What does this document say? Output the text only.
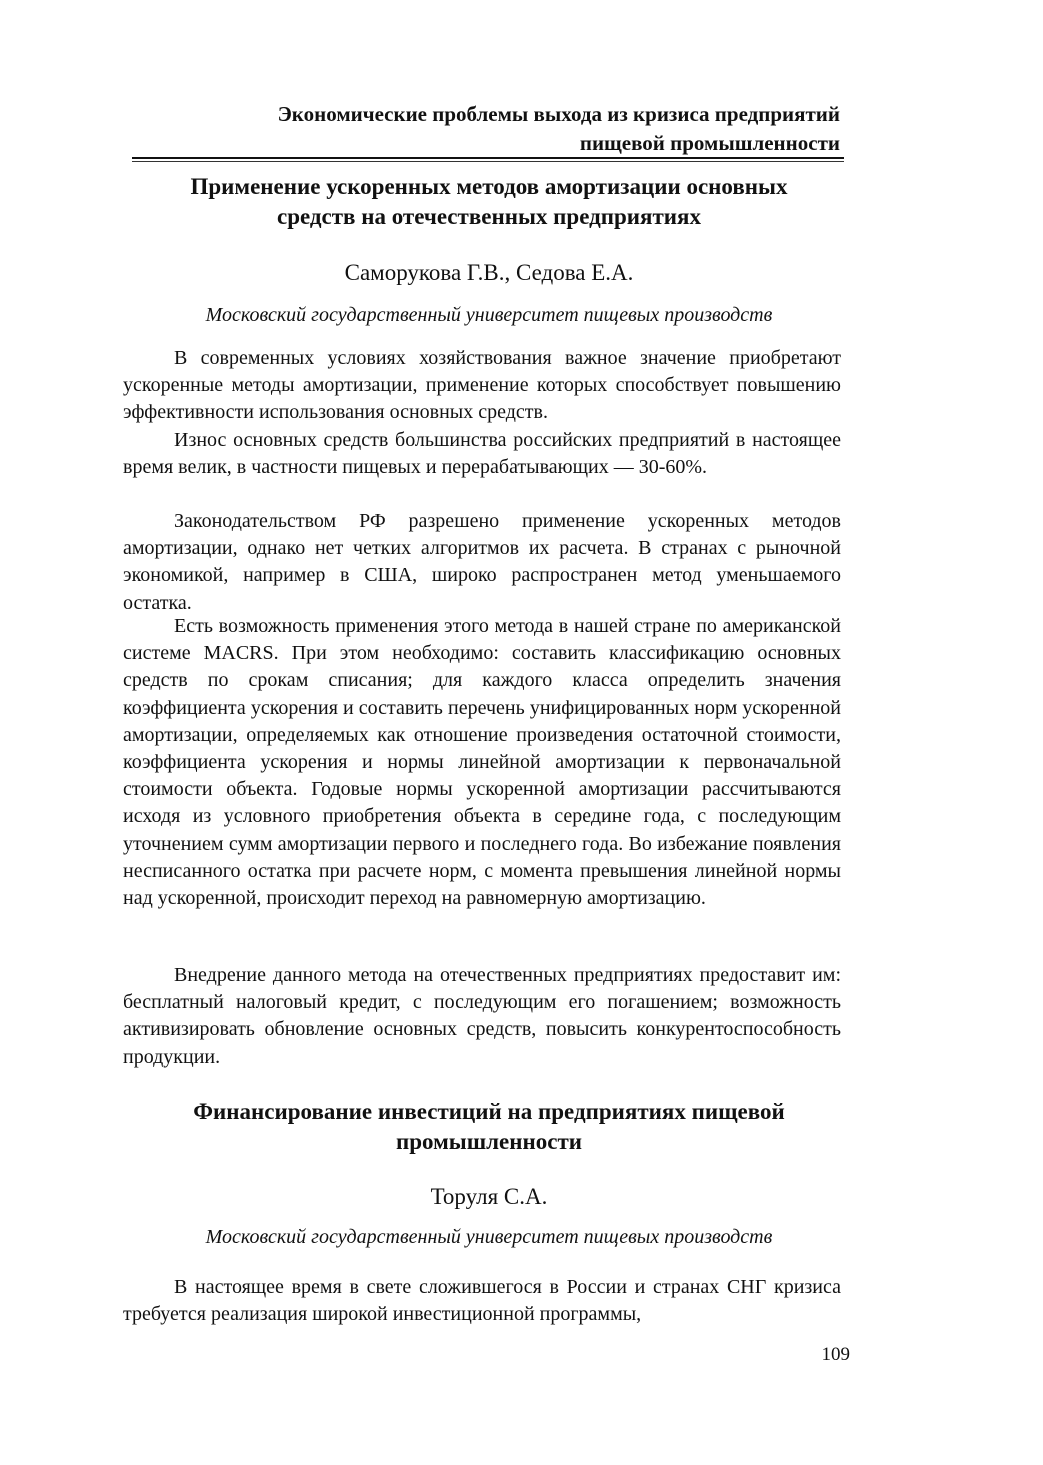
Экономические проблемы выхода из кризиса предприятий
пищевой промышленности
Применение ускоренных методов амортизации основных
средств на отечественных предприятиях
Саморукова Г.В., Седова Е.А.
Московский государственный университет пищевых производств

В современных условиях хозяйствования важное значение приобретают ускоренные методы амортизации, применение которых способствует повышению эффективности использования основных средств.

Износ основных средств большинства российских предприятий в настоящее время велик, в частности пищевых и перерабатывающих — 30-60%.

Законодательством РФ разрешено применение ускоренных методов амортизации, однако нет четких алгоритмов их расчета. В странах с рыночной экономикой, например в США, широко распространен метод уменьшаемого остатка.

Есть возможность применения этого метода в нашей стране по американской системе MACRS. При этом необходимо: составить классификацию основных средств по срокам списания; для каждого класса определить значения коэффициента ускорения и составить перечень унифицированных норм ускоренной амортизации, определяемых как отношение произведения остаточной стоимости, коэффициента ускорения и нормы линейной амортизации к первоначальной стоимости объекта. Годовые нормы ускоренной амортизации рассчитываются исходя из условного приобретения объекта в середине года, с последующим уточнением сумм амортизации первого и последнего года. Во избежание появления несписанного остатка при расчете норм, с момента превышения линейной нормы над ускоренной, происходит переход на равномерную амортизацию.

Внедрение данного метода на отечественных предприятиях предоставит им: бесплатный налоговый кредит, с последующим его погашением; возможность активизировать обновление основных средств, повысить конкурентоспособность продукции.

Финансирование инвестиций на предприятиях пищевой
промышленности
Торуля С.А.
Московский государственный университет пищевых производств

В настоящее время в свете сложившегося в России и странах СНГ кризиса требуется реализация широкой инвестиционной программы,

109
